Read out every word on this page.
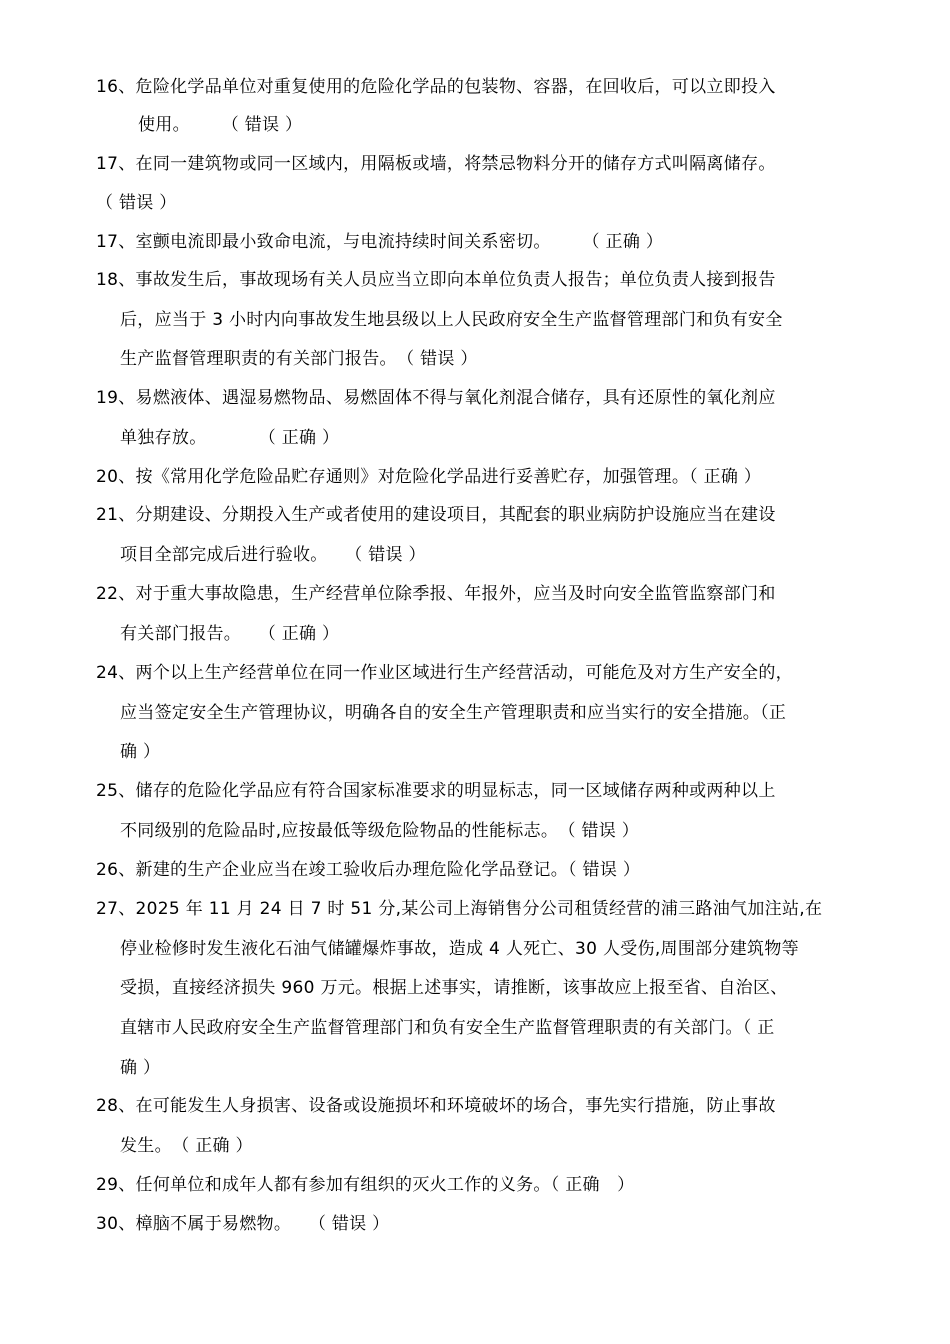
16、危险化学品单位对重复使用的危险化学品的包装物、容器，在回收后，可以立即投入
使用。　　 （ 错误 ）
17、在同一建筑物或同一区域内，用隔板或墙，将禁忌物料分开的储存方式叫隔离储存。
（ 错误 ）
17、室颤电流即最小致命电流，与电流持续时间关系密切。　　 （ 正确 ）
18、事故发生后，事故现场有关人员应当立即向本单位负责人报告；单位负责人接到报告
后，应当于 3 小时内向事故发生地县级以上人民政府安全生产监督管理部门和负有安全
生产监督管理职责的有关部门报告。　（ 错误 ）
19、易燃液体、遇湿易燃物品、易燃固体不得与氧化剂混合储存，具有还原性的氧化剂应
单独存放。　　　　（ 正确 ）
20、按《常用化学危险品贮存通则》对危险化学品进行妥善贮存，加强管理。（ 正确 ）
21、分期建设、分期投入生产或者使用的建设项目，其配套的职业病防护设施应当在建设
项目全部完成后进行验收。　　（ 错误 ）
22、对于重大事故隐患，生产经营单位除季报、年报外，应当及时向安全监管监察部门和
有关部门报告。　　（ 正确 ）
24、两个以上生产经营单位在同一作业区域进行生产经营活动，可能危及对方生产安全的，
应当签定安全生产管理协议，明确各自的安全生产管理职责和应当实行的安全措施。（正
确 ）
25、储存的危险化学品应有符合国家标准要求的明显标志，同一区域储存两种或两种以上
不同级别的危险品时,应按最低等级危险物品的性能标志。　（ 错误 ）
26、新建的生产企业应当在竣工验收后办理危险化学品登记。（ 错误 ）
27、2025 年 11 月 24 日 7 时 51 分,某公司上海销售分公司租赁经营的浦三路油气加注站,在
停业检修时发生液化石油气储罐爆炸事故，造成 4 人死亡、30 人受伤,周围部分建筑物等
受损，直接经济损失 960 万元。根据上述事实，请推断，该事故应上报至省、自治区、
直辖市人民政府安全生产监督管理部门和负有安全生产监督管理职责的有关部门。（ 正
确 ）
28、在可能发生人身损害、设备或设施损坏和环境破坏的场合，事先实行措施，防止事故
发生。　（ 正确 ）
29、任何单位和成年人都有参加有组织的灭火工作的义务。（ 正确　）
30、樟脑不属于易燃物。　　（ 错误 ）
